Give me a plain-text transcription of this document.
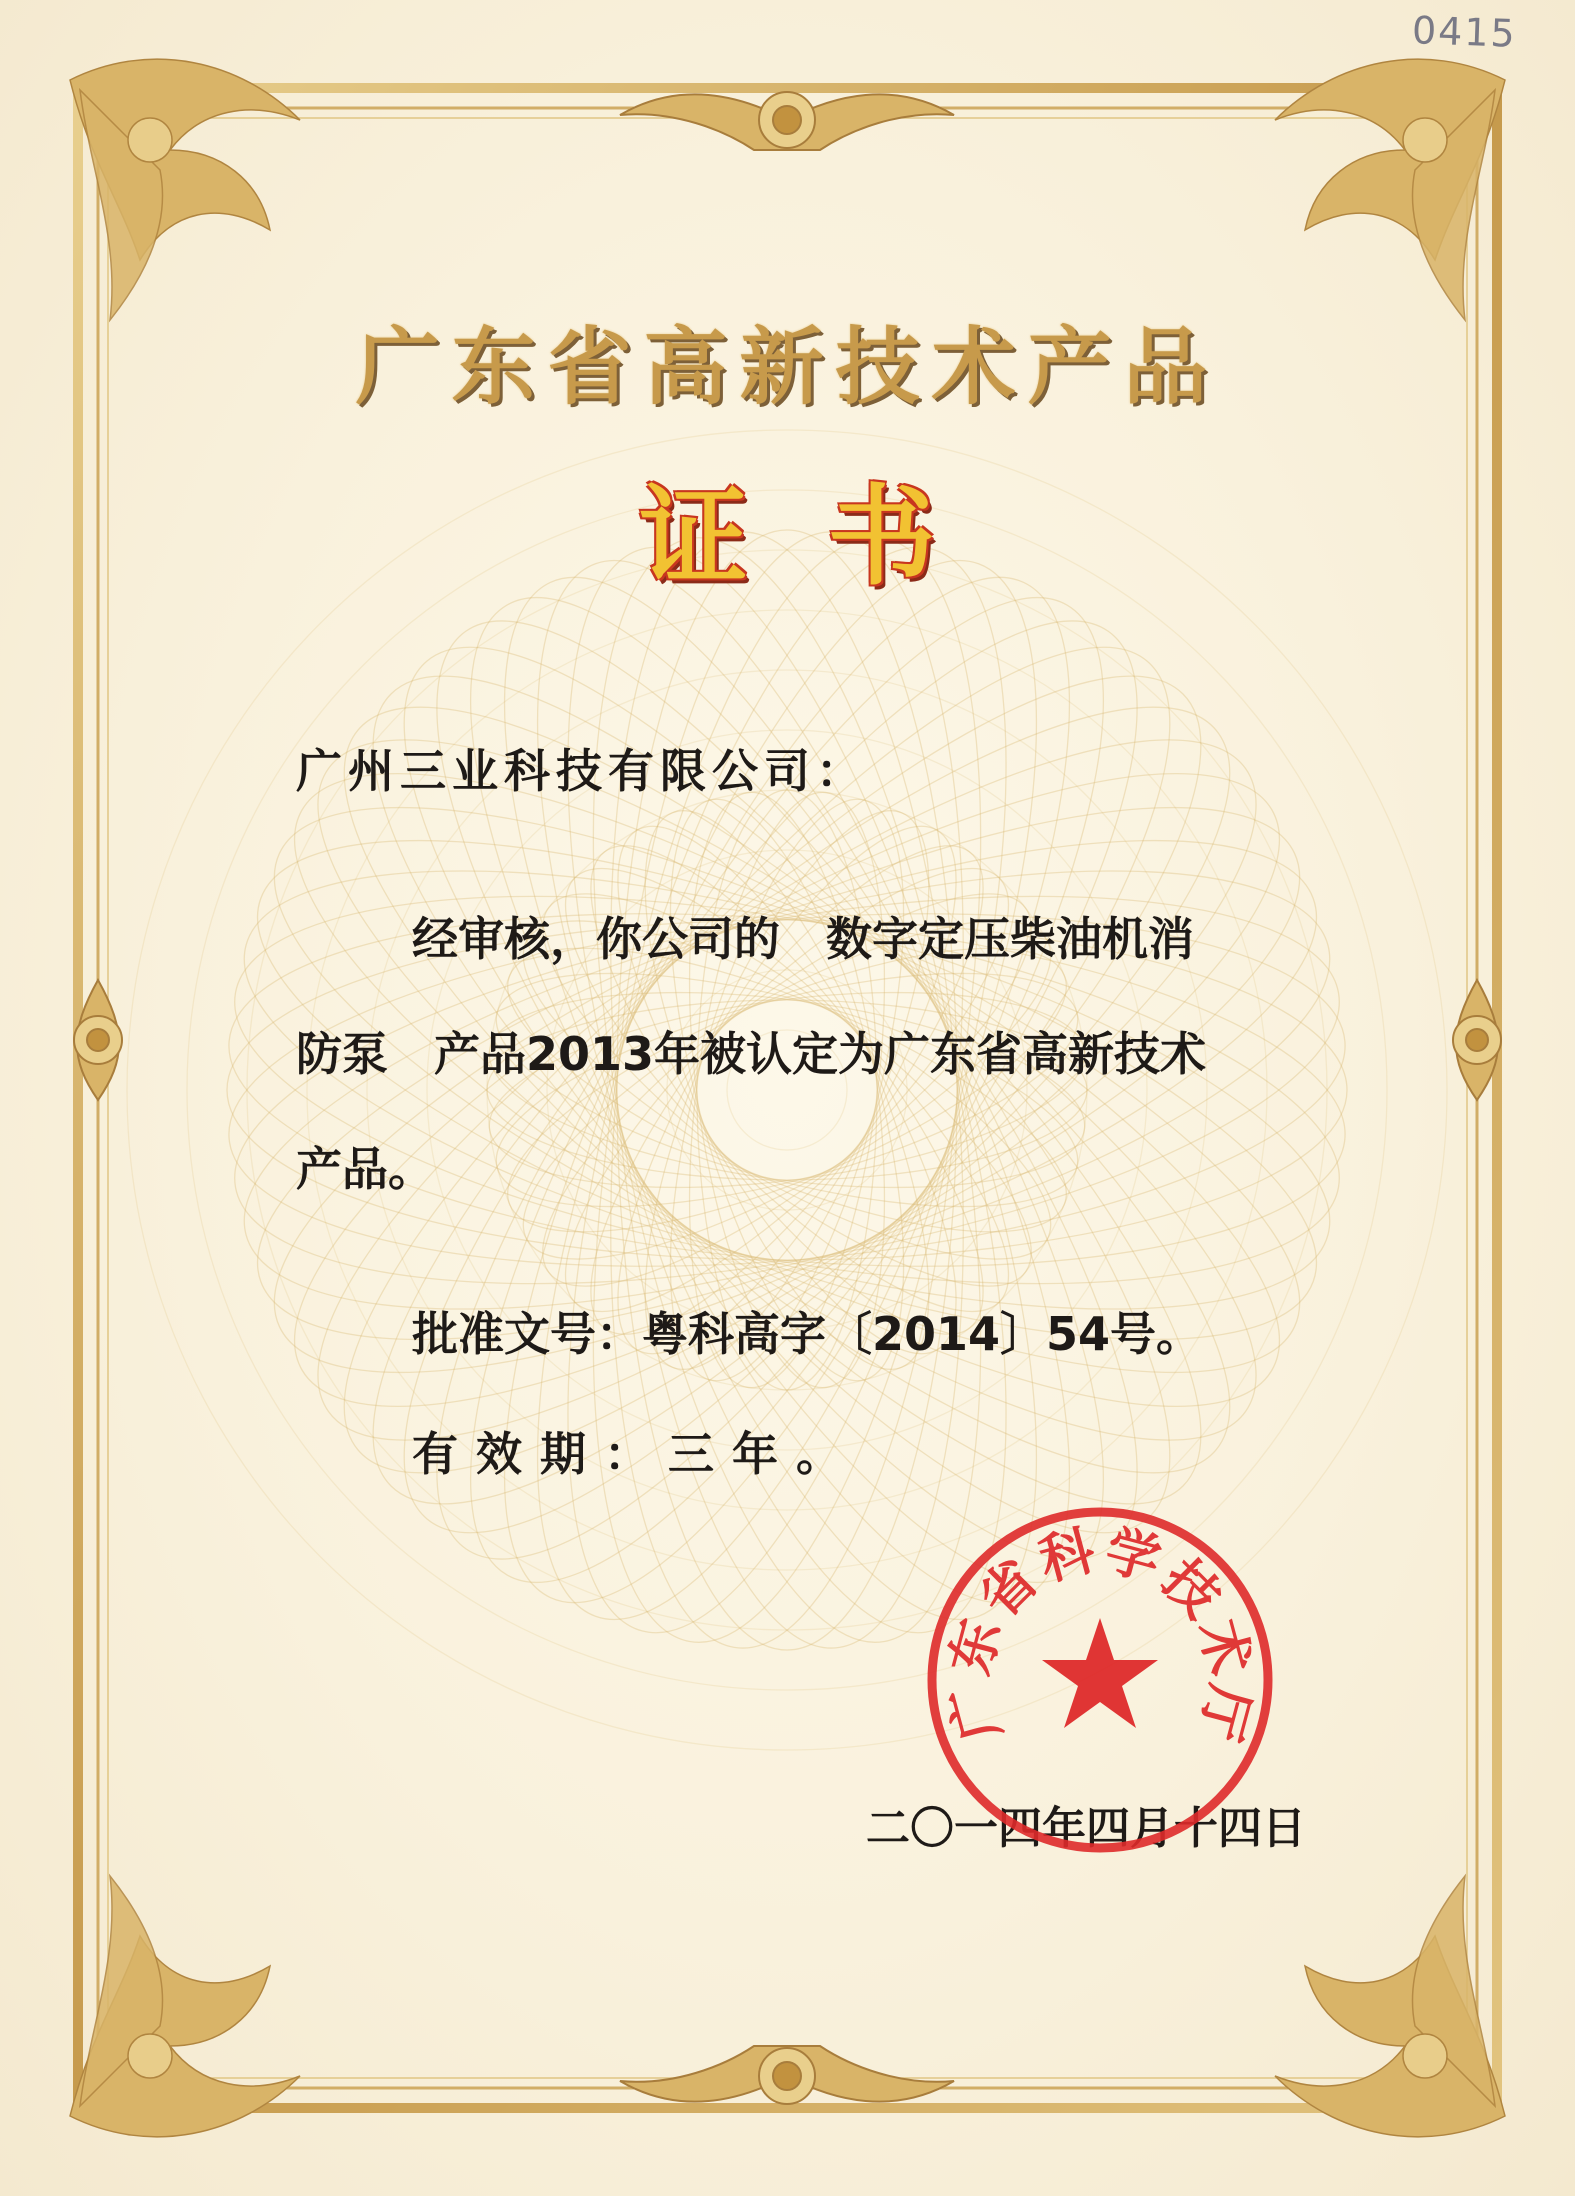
0415
广东省高新技术产品
证书
广州三业科技有限公司：
经审核，你公司的　数字定压柴油机消
防泵　产品2013年被认定为广东省高新技术
产品。
批准文号：粤科高字〔2014〕54号。
有效期：三年。
二〇一四年四月十四日
广
东
省
科
学
技
术
厅
